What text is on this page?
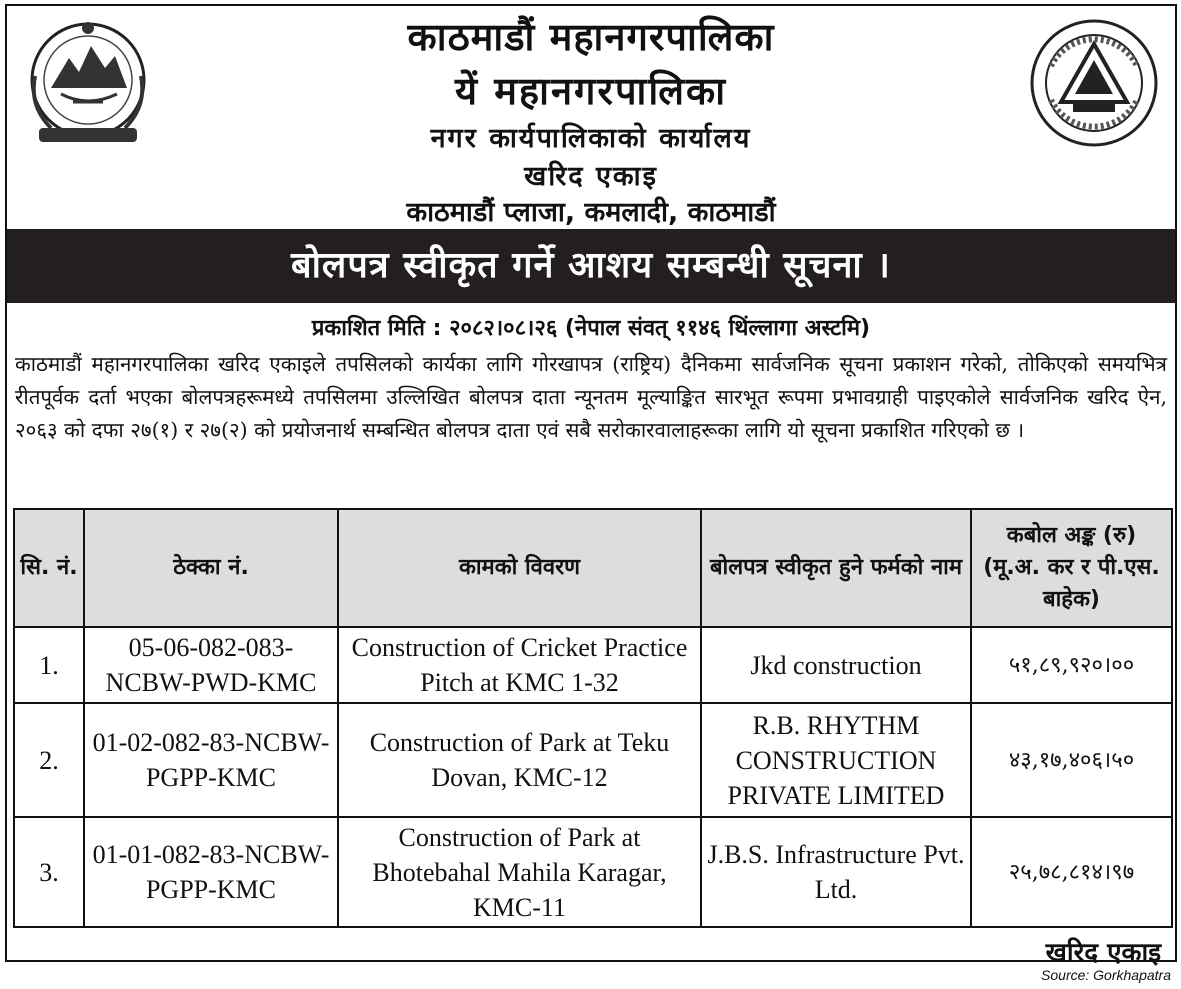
काठमाडौं महानगरपालिका
यें महानगरपालिका
नगर कार्यपालिकाको कार्यालय
खरिद एकाइ
काठमाडौं प्लाजा, कमलादी, काठमाडौं
बोलपत्र स्वीकृत गर्ने आशय सम्बन्धी सूचना ।
प्रकाशित मिति : २०८२।०८।२६ (नेपाल संवत् ११४६ थिंल्लागा अस्टमि)

काठमाडौं महानगरपालिका खरिद एकाइले तपसिलको कार्यका लागि गोरखापत्र (राष्ट्रिय) दैनिकमा सार्वजनिक सूचना प्रकाशन गरेको, तोकिएको समयभित्र रीतपूर्वक दर्ता भएका बोलपत्रहरूमध्ये तपसिलमा उल्लिखित बोलपत्र दाता न्यूनतम मूल्याङ्कित सारभूत रूपमा प्रभावग्राही पाइएकोले सार्वजनिक खरिद ऐन, २०६३ को दफा २७(१) र २७(२) को प्रयोजनार्थ सम्बन्धित बोलपत्र दाता एवं सबै सरोकारवालाहरूका लागि यो सूचना प्रकाशित गरिएको छ ।

सि. नं.	ठेक्का नं.	कामको विवरण	बोलपत्र स्वीकृत हुने फर्मको नाम	कबोल अङ्क (रु) (मू.अ. कर र पी.एस. बाहेक)
1.	05-06-082-083-NCBW-PWD-KMC	Construction of Cricket Practice Pitch at KMC 1-32	Jkd construction	५१,८९,९२०।००
2.	01-02-082-83-NCBW-PGPP-KMC	Construction of Park at Teku Dovan, KMC-12	R.B. RHYTHM CONSTRUCTION PRIVATE LIMITED	४३,१७,४०६।५०
3.	01-01-082-83-NCBW-PGPP-KMC	Construction of Park at Bhotebahal Mahila Karagar, KMC-11	J.B.S. Infrastructure Pvt. Ltd.	२५,७८,८१४।९७
खरिद एकाइ
Source: Gorkhapatra
